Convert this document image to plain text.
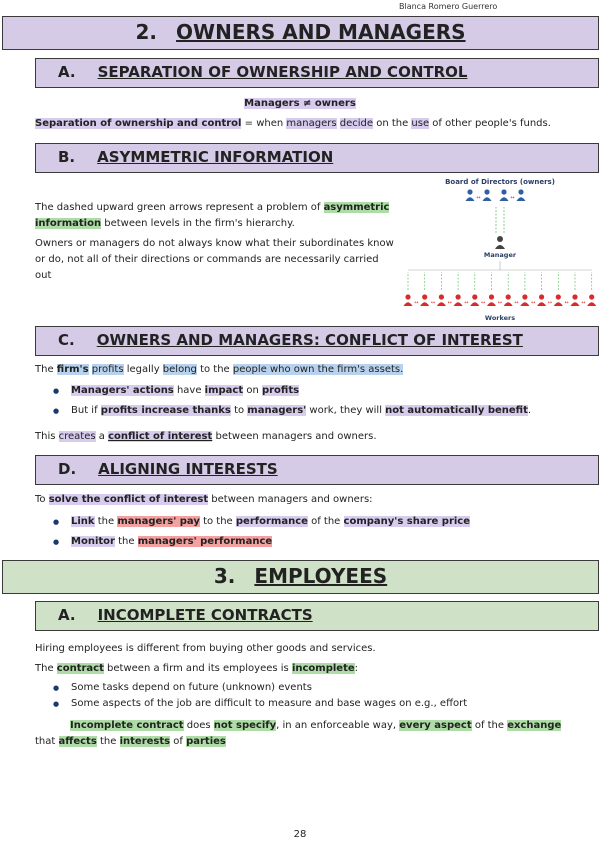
Blanca Romero Guerrero
2. OWNERS AND MANAGERS
A. SEPARATION OF OWNERSHIP AND CONTROL

Managers ≠ owners

Separation of ownership and control = when managers decide on the use of other people's funds.

B. ASYMMETRIC INFORMATION

The dashed upward green arrows represent a problem of asymmetric information between levels in the firm's hierarchy.

Owners or managers do not always know what their subordinates know or do, not all of their directions or commands are necessarily carried out

Board of Directors (owners)
↔	↔
Manager
↔ ↔ ↔ ↔ ↔ ↔ ↔ ↔ ↔ ↔ ↔
Workers
C. OWNERS AND MANAGERS: CONFLICT OF INTEREST

The firm's profits legally belong to the people who own the firm's assets.

● Managers' actions have impact on profits
● But if profits increase thanks to managers' work, they will not automatically benefit.

This creates a conflict of interest between managers and owners.

D. ALIGNING INTERESTS

To solve the conflict of interest between managers and owners:

● Link the managers' pay to the performance of the company's share price
● Monitor the managers' performance
3. EMPLOYEES
A. INCOMPLETE CONTRACTS

Hiring employees is different from buying other goods and services.

The contract between a firm and its employees is incomplete:

● Some tasks depend on future (unknown) events
● Some aspects of the job are difficult to measure and base wages on e.g., effort

Incomplete contract does not specify, in an enforceable way, every aspect of the exchange

that affects the interests of parties

28
